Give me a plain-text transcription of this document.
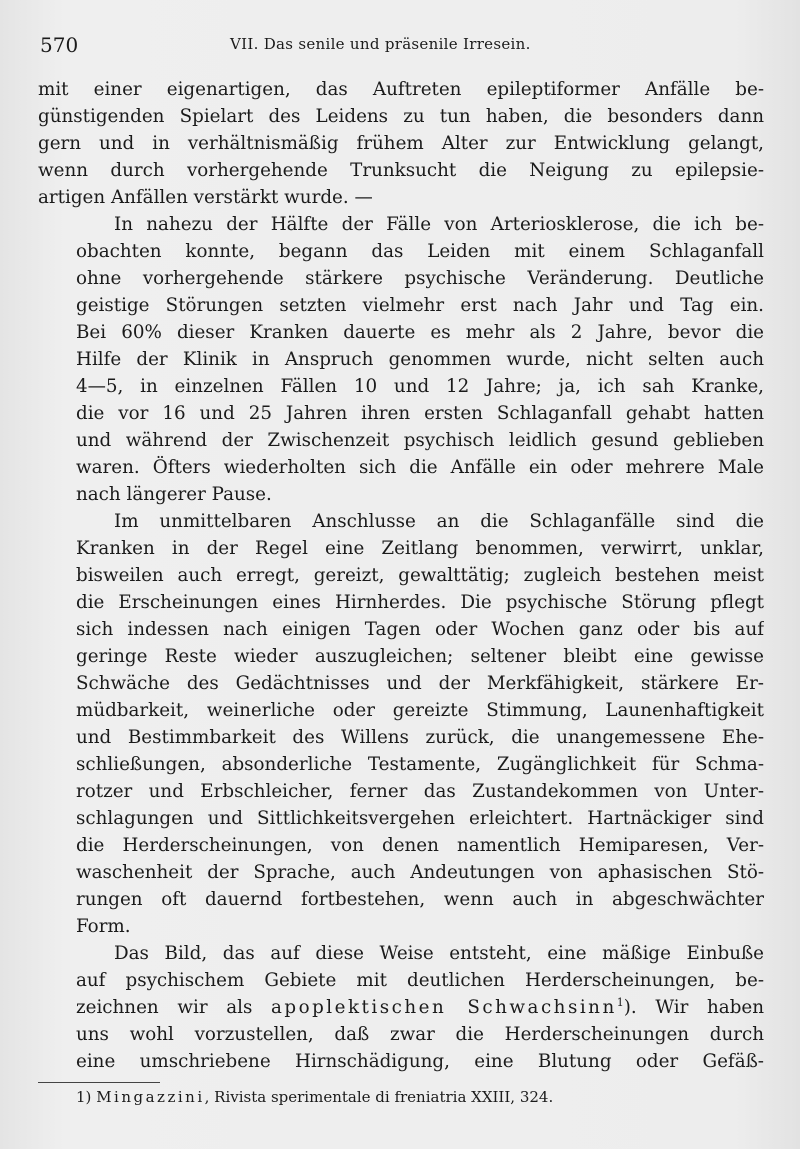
570	VII. Das senile und präsenile Irresein.
mit einer eigenartigen, das Auftreten epileptiformer Anfälle be-
günstigenden Spielart des Leidens zu tun haben, die besonders dann
gern und in verhältnismäßig frühem Alter zur Entwicklung gelangt,
wenn durch vorhergehende Trunksucht die Neigung zu epilepsie-
artigen Anfällen verstärkt wurde. —
In nahezu der Hälfte der Fälle von Arteriosklerose, die ich be-
obachten konnte, begann das Leiden mit einem Schlaganfall
ohne vorhergehende stärkere psychische Veränderung. Deutliche
geistige Störungen setzten vielmehr erst nach Jahr und Tag ein.
Bei 60% dieser Kranken dauerte es mehr als 2 Jahre, bevor die
Hilfe der Klinik in Anspruch genommen wurde, nicht selten auch
4—5, in einzelnen Fällen 10 und 12 Jahre; ja, ich sah Kranke,
die vor 16 und 25 Jahren ihren ersten Schlaganfall gehabt hatten
und während der Zwischenzeit psychisch leidlich gesund geblieben
waren. Öfters wiederholten sich die Anfälle ein oder mehrere Male
nach längerer Pause.
Im unmittelbaren Anschlusse an die Schlaganfälle sind die
Kranken in der Regel eine Zeitlang benommen, verwirrt, unklar,
bisweilen auch erregt, gereizt, gewalttätig; zugleich bestehen meist
die Erscheinungen eines Hirnherdes. Die psychische Störung pflegt
sich indessen nach einigen Tagen oder Wochen ganz oder bis auf
geringe Reste wieder auszugleichen; seltener bleibt eine gewisse
Schwäche des Gedächtnisses und der Merkfähigkeit, stärkere Er-
müdbarkeit, weinerliche oder gereizte Stimmung, Launenhaftigkeit
und Bestimmbarkeit des Willens zurück, die unangemessene Ehe-
schließungen, absonderliche Testamente, Zugänglichkeit für Schma-
rotzer und Erbschleicher, ferner das Zustandekommen von Unter-
schlagungen und Sittlichkeitsvergehen erleichtert. Hartnäckiger sind
die Herderscheinungen, von denen namentlich Hemiparesen, Ver-
waschenheit der Sprache, auch Andeutungen von aphasischen Stö-
rungen oft dauernd fortbestehen, wenn auch in abgeschwächter
Form.
Das Bild, das auf diese Weise entsteht, eine mäßige Einbuße
auf psychischem Gebiete mit deutlichen Herderscheinungen, be-
zeichnen wir als apoplektischen Schwachsinn$^1$). Wir haben
uns wohl vorzustellen, daß zwar die Herderscheinungen durch
eine umschriebene Hirnschädigung, eine Blutung oder Gefäß-
1) Mingazzini, Rivista sperimentale di freniatria XXIII, 324.
